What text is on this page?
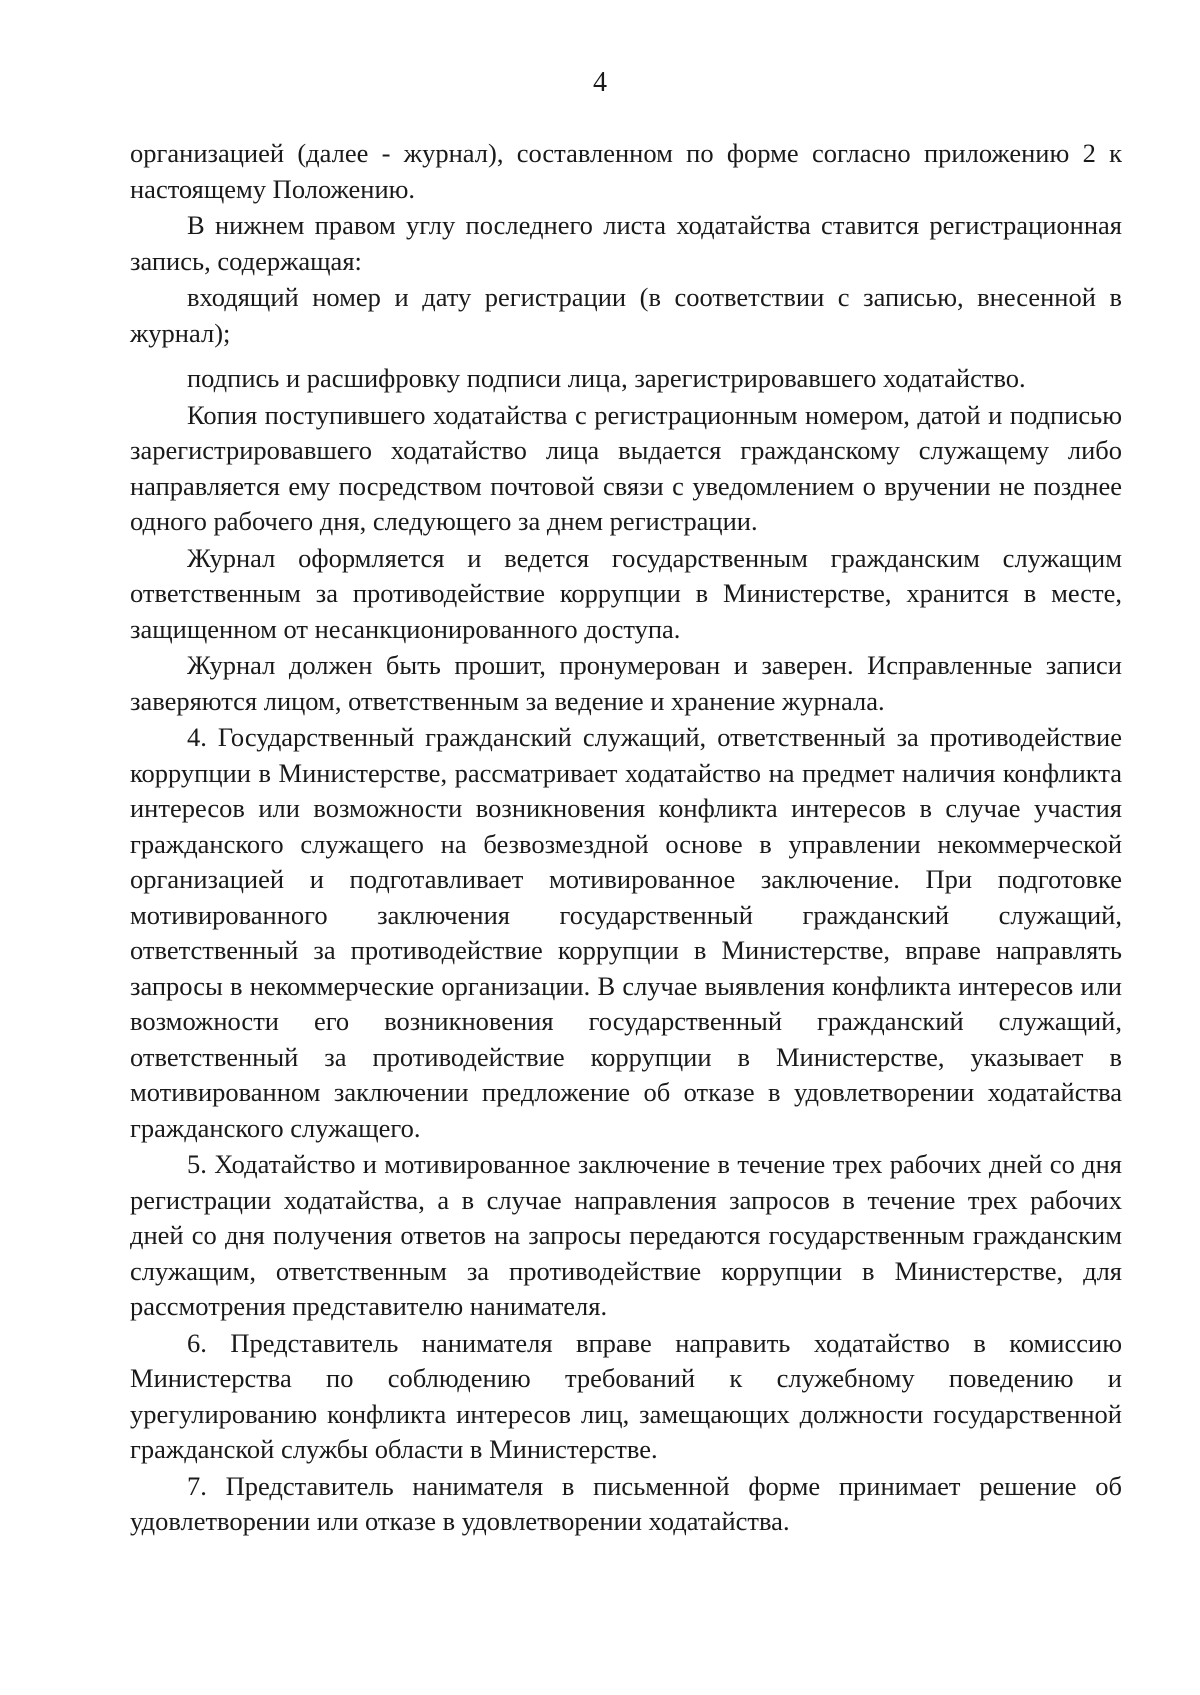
4

организацией (далее - журнал), составленном по форме согласно приложению 2 к настоящему Положению.

В нижнем правом углу последнего листа ходатайства ставится регистрационная запись, содержащая:

входящий номер и дату регистрации (в соответствии с записью, внесенной в журнал);

подпись и расшифровку подписи лица, зарегистрировавшего ходатайство.

Копия поступившего ходатайства с регистрационным номером, датой и подписью зарегистрировавшего ходатайство лица выдается гражданскому служащему либо направляется ему посредством почтовой связи с уведомлением о вручении не позднее одного рабочего дня, следующего за днем регистрации.

Журнал оформляется и ведется государственным гражданским служащим ответственным за противодействие коррупции в Министерстве, хранится в месте, защищенном от несанкционированного доступа.

Журнал должен быть прошит, пронумерован и заверен. Исправленные записи заверяются лицом, ответственным за ведение и хранение журнала.

4. Государственный гражданский служащий, ответственный за противодействие коррупции в Министерстве, рассматривает ходатайство на предмет наличия конфликта интересов или возможности возникновения конфликта интересов в случае участия гражданского служащего на безвозмездной основе в управлении некоммерческой организацией и подготавливает мотивированное заключение. При подготовке мотивированного заключения государственный гражданский служащий, ответственный за противодействие коррупции в Министерстве, вправе направлять запросы в некоммерческие организации. В случае выявления конфликта интересов или возможности его возникновения государственный гражданский служащий, ответственный за противодействие коррупции в Министерстве, указывает в мотивированном заключении предложение об отказе в удовлетворении ходатайства гражданского служащего.

5. Ходатайство и мотивированное заключение в течение трех рабочих дней со дня регистрации ходатайства, а в случае направления запросов в течение трех рабочих дней со дня получения ответов на запросы передаются государственным гражданским служащим, ответственным за противодействие коррупции в Министерстве, для рассмотрения представителю нанимателя.

6. Представитель нанимателя вправе направить ходатайство в комиссию Министерства по соблюдению требований к служебному поведению и урегулированию конфликта интересов лиц, замещающих должности государственной гражданской службы области в Министерстве.

7. Представитель нанимателя в письменной форме принимает решение об удовлетворении или отказе в удовлетворении ходатайства.
